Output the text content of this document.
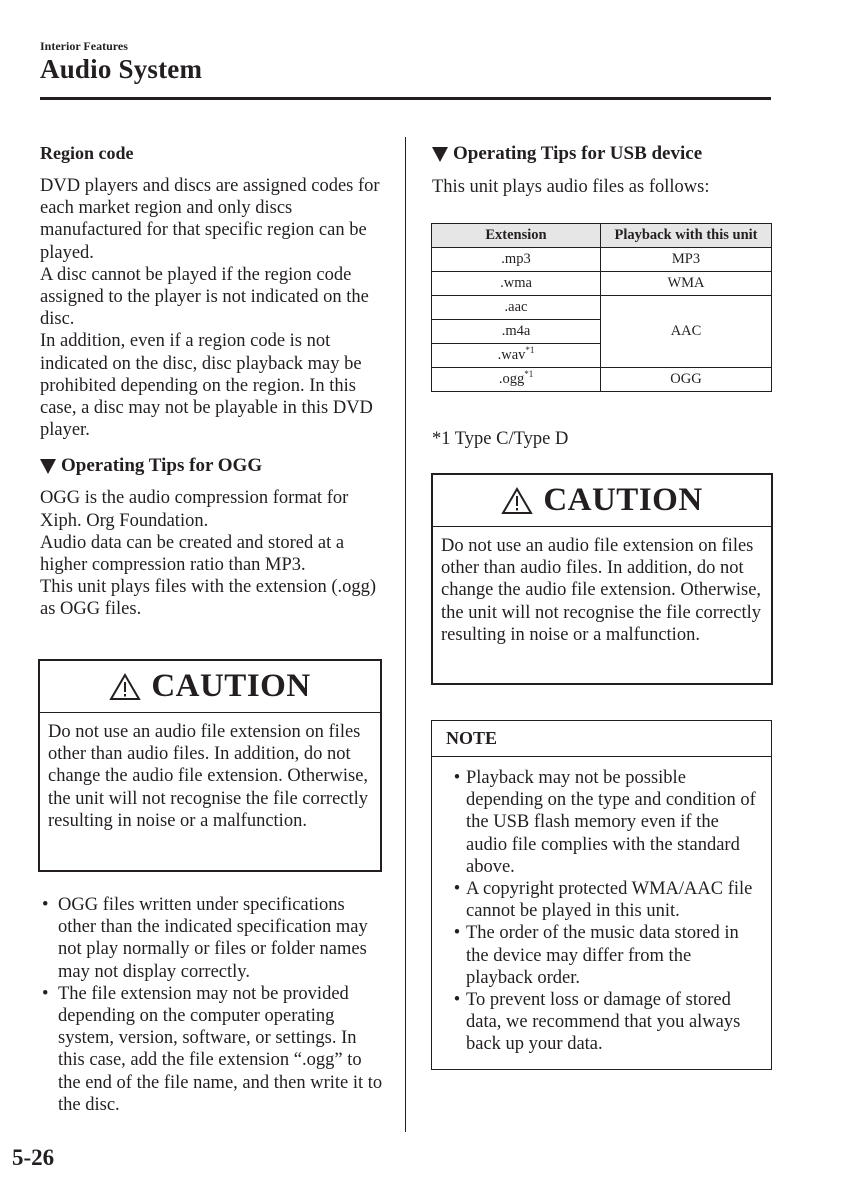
Interior Features
Audio System
Region code

DVD players and discs are assigned codes for each market region and only discs manufactured for that specific region can be played.

A disc cannot be played if the region code assigned to the player is not indicated on the disc.

In addition, even if a region code is not indicated on the disc, disc playback may be prohibited depending on the region. In this case, a disc may not be playable in this DVD player.

Operating Tips for OGG

OGG is the audio compression format for Xiph. Org Foundation.

Audio data can be created and stored at a higher compression ratio than MP3.

This unit plays files with the extension (.ogg) as OGG files.

CAUTION
Do not use an audio file extension on files other than audio files. In addition, do not change the audio file extension. Otherwise, the unit will not recognise the file correctly resulting in noise or a malfunction.
• OGG files written under specifications other than the indicated specification may not play normally or files or folder names may not display correctly.
• The file extension may not be provided depending on the computer operating system, version, software, or settings. In this case, add the file extension “.ogg” to the end of the file name, and then write it to the disc.
Operating Tips for USB device
This unit plays audio files as follows:
Extension	Playback with this unit
.mp3	MP3
.wma	WMA
.aac	AAC
.m4a	
.wav$^{*1}$
.ogg$^{*1}$	OGG
*1 Type C/Type D
CAUTION
Do not use an audio file extension on files other than audio files. In addition, do not change the audio file extension. Otherwise, the unit will not recognise the file correctly resulting in noise or a malfunction.
NOTE
• Playback may not be possible depending on the type and condition of the USB flash memory even if the audio file complies with the standard above.
• A copyright protected WMA/AAC file cannot be played in this unit.
• The order of the music data stored in the device may differ from the playback order.
• To prevent loss or damage of stored data, we recommend that you always back up your data.
5-26
